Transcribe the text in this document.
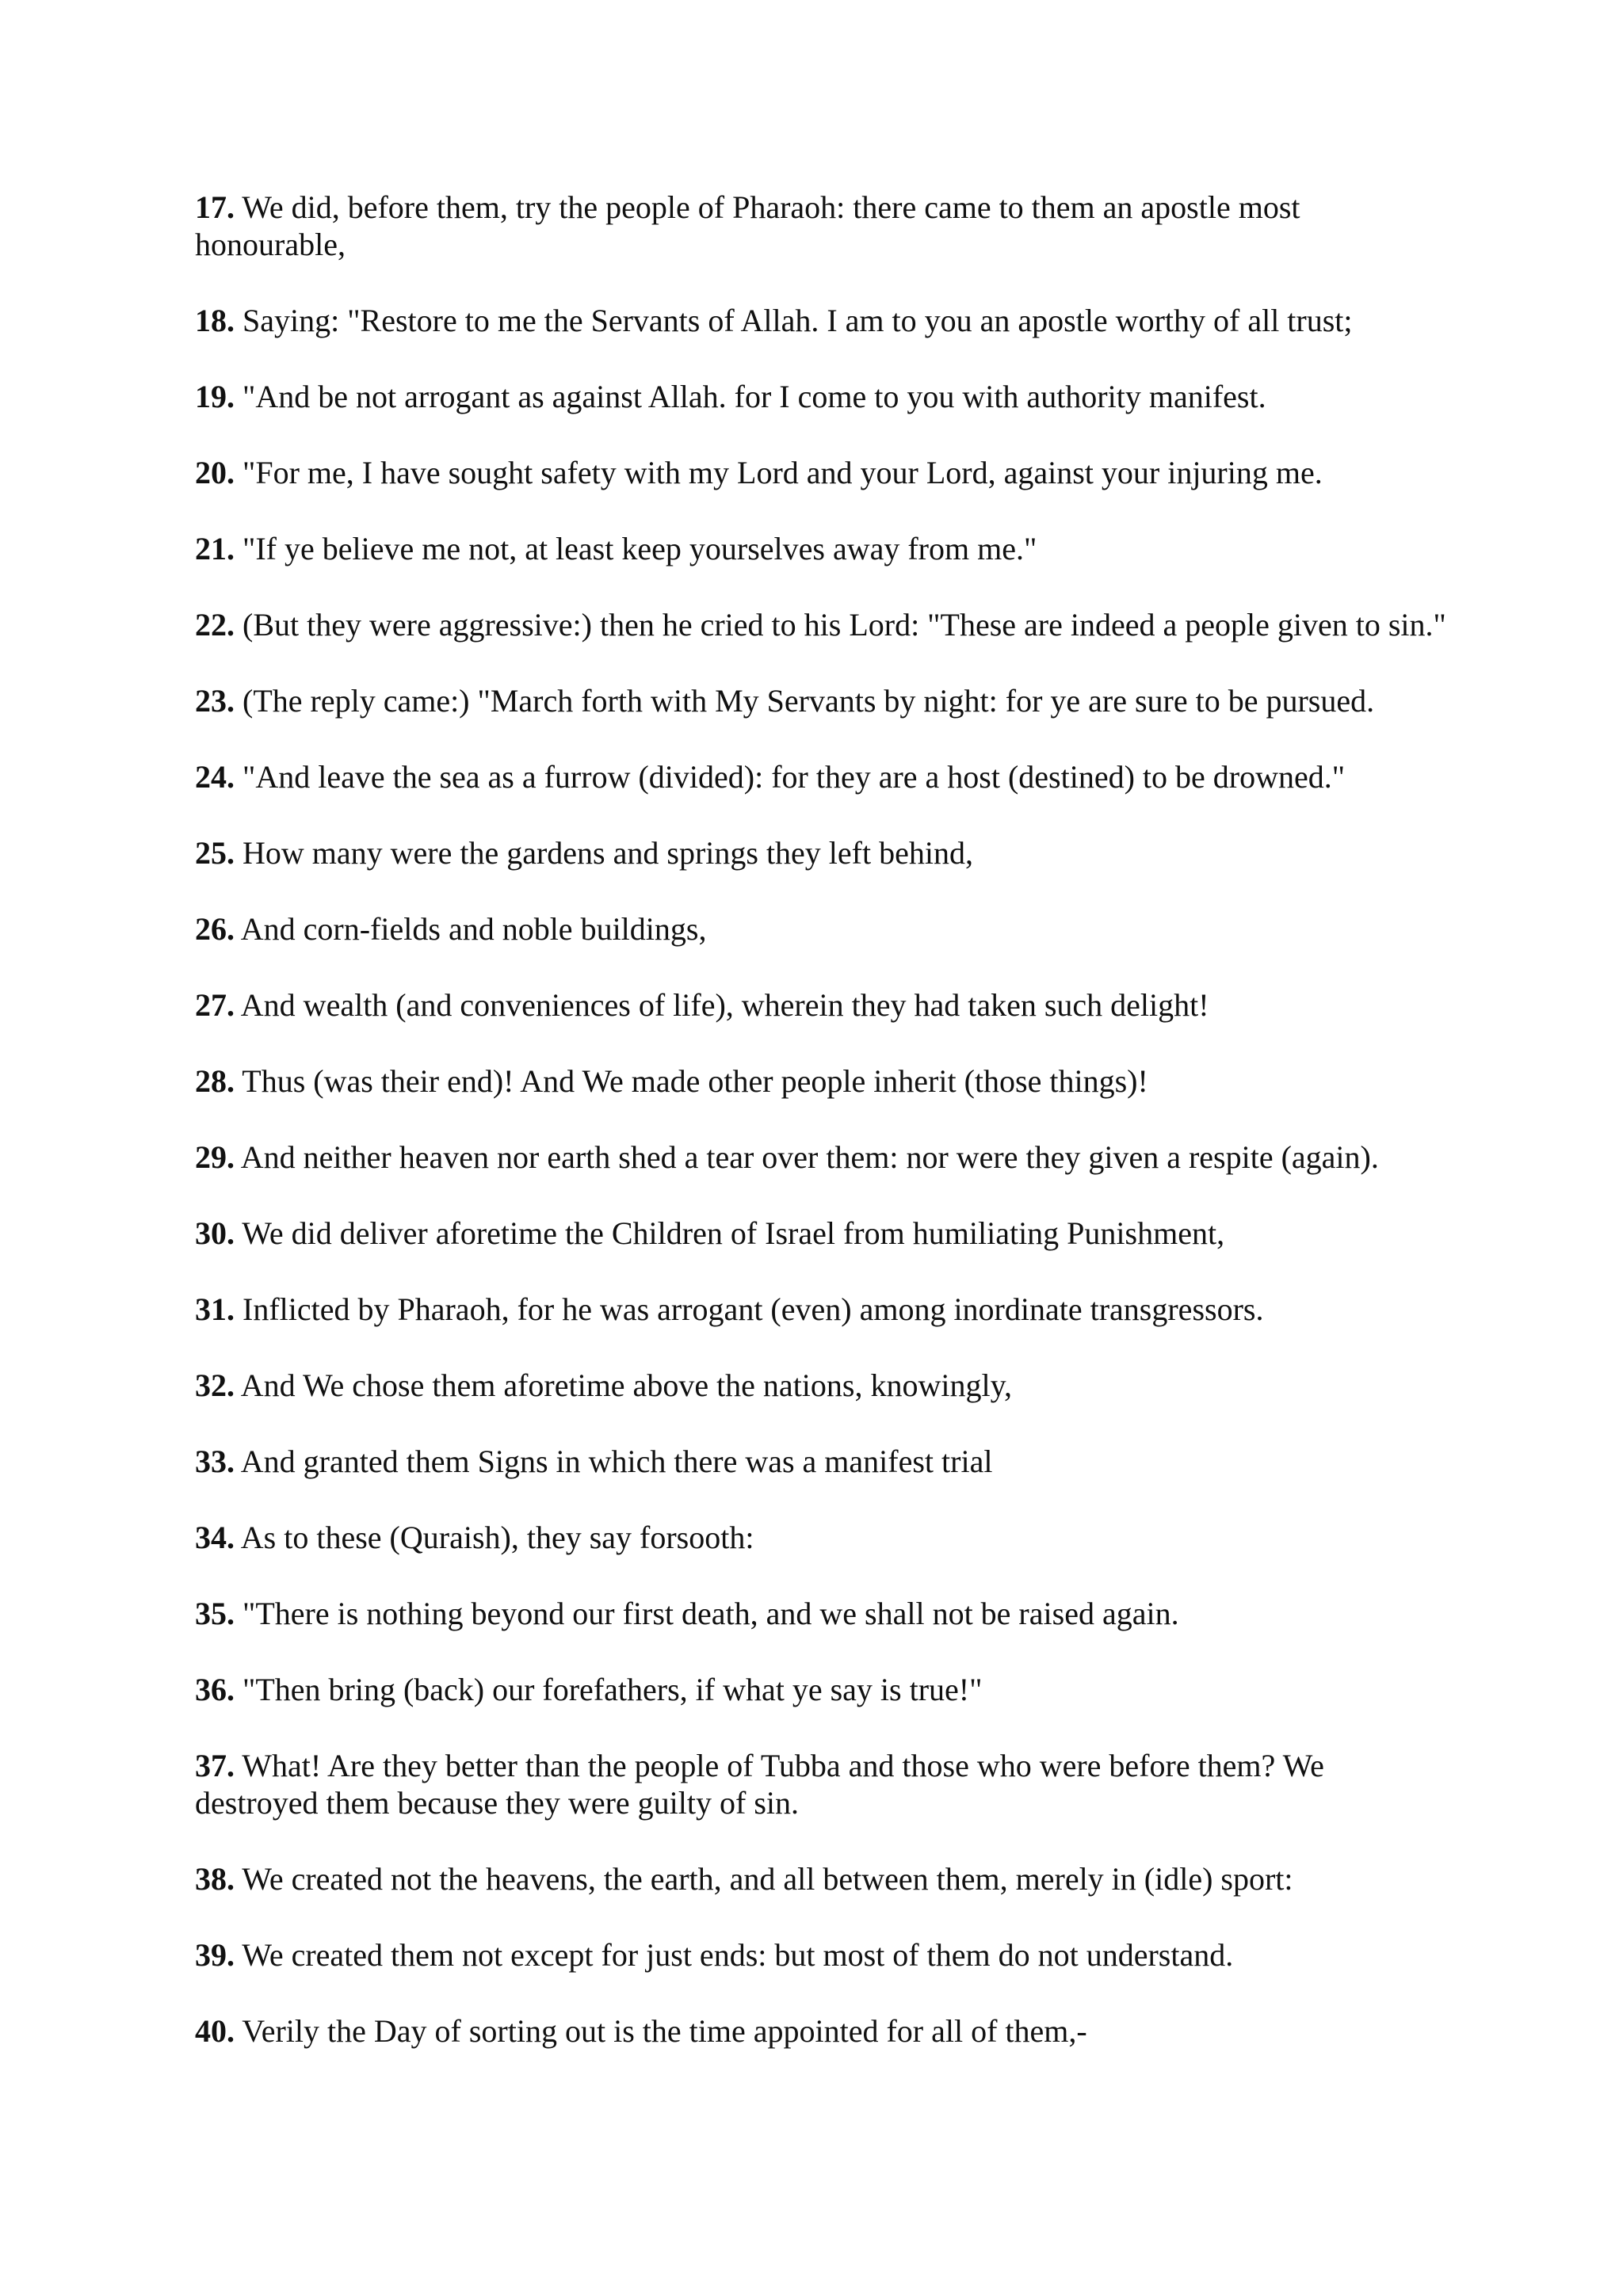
17. We did, before them, try the people of Pharaoh: there came to them an apostle most honourable,

18. Saying: "Restore to me the Servants of Allah. I am to you an apostle worthy of all trust;

19. "And be not arrogant as against Allah. for I come to you with authority manifest.

20. "For me, I have sought safety with my Lord and your Lord, against your injuring me.

21. "If ye believe me not, at least keep yourselves away from me."

22. (But they were aggressive:) then he cried to his Lord: "These are indeed a people given to sin."

23. (The reply came:) "March forth with My Servants by night: for ye are sure to be pursued.

24. "And leave the sea as a furrow (divided): for they are a host (destined) to be drowned."

25. How many were the gardens and springs they left behind,

26. And corn-fields and noble buildings,

27. And wealth (and conveniences of life), wherein they had taken such delight!

28. Thus (was their end)! And We made other people inherit (those things)!

29. And neither heaven nor earth shed a tear over them: nor were they given a respite (again).

30. We did deliver aforetime the Children of Israel from humiliating Punishment,

31. Inflicted by Pharaoh, for he was arrogant (even) among inordinate transgressors.

32. And We chose them aforetime above the nations, knowingly,

33. And granted them Signs in which there was a manifest trial

34. As to these (Quraish), they say forsooth:

35. "There is nothing beyond our first death, and we shall not be raised again.

36. "Then bring (back) our forefathers, if what ye say is true!"

37. What! Are they better than the people of Tubba and those who were before them? We destroyed them because they were guilty of sin.

38. We created not the heavens, the earth, and all between them, merely in (idle) sport:

39. We created them not except for just ends: but most of them do not understand.

40. Verily the Day of sorting out is the time appointed for all of them,-
